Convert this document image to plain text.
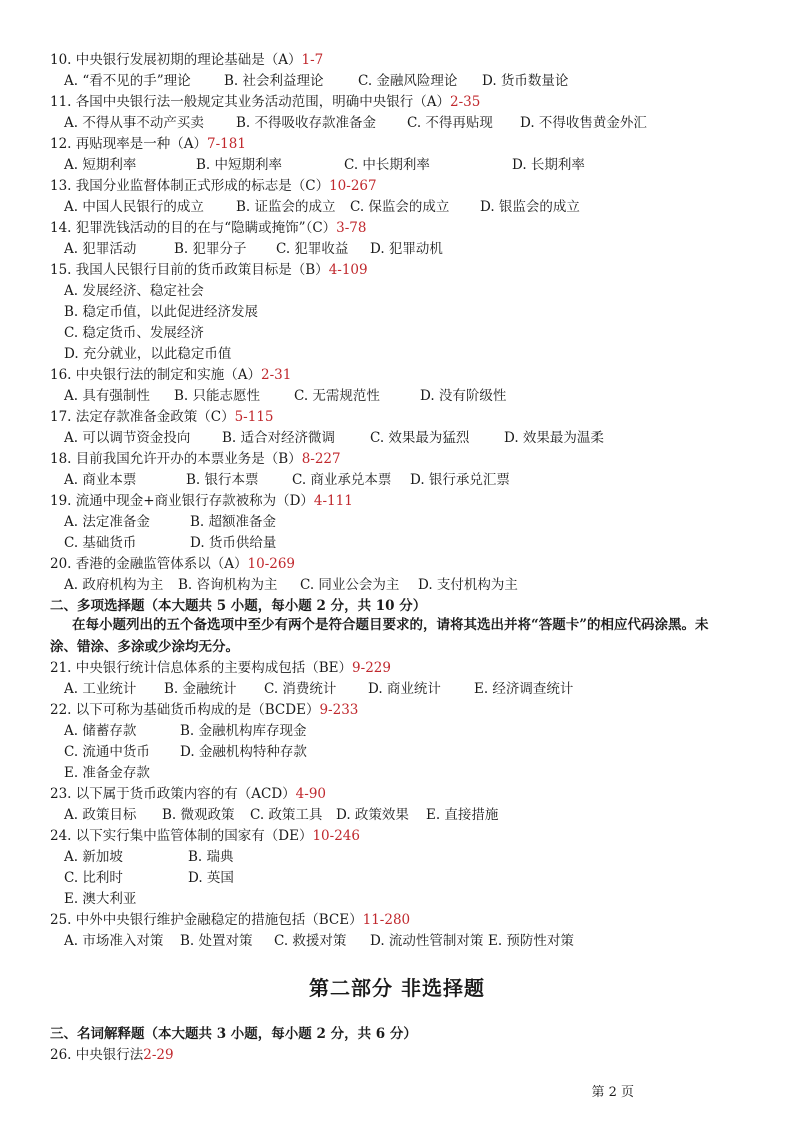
10. 中央银行发展初期的理论基础是（A）1-7
A. “看不见的手”理论 B. 社会利益理论	C. 金融风险理论 D. 货币数量论
11. 各国中央银行法一般规定其业务活动范围，明确中央银行（A）2-35
A. 不得从事不动产买卖 B. 不得吸收存款准备金 C. 不得再贴现 D. 不得收售黄金外汇
12. 再贴现率是一种（A）7-181
A. 短期利率	B. 中短期利率	C. 中长期利率	D. 长期利率
13. 我国分业监督体制正式形成的标志是（C）10-267
A. 中国人民银行的成立 B. 证监会的成立 C. 保监会的成立 D. 银监会的成立
14. 犯罪洗钱活动的目的在与“隐瞒或掩饰”（C）3-78
A. 犯罪活动	B. 犯罪分子 C. 犯罪收益 D. 犯罪动机
15. 我国人民银行目前的货币政策目标是（B）4-109
A. 发展经济、稳定社会
B. 稳定币值，以此促进经济发展
C. 稳定货币、发展经济
D. 充分就业，以此稳定币值
16. 中央银行法的制定和实施（A）2-31
A. 具有强制性 B. 只能志愿性	C. 无需规范性	D. 没有阶级性
17. 法定存款准备金政策（C）5-115
A. 可以调节资金投向 B. 适合对经济微调	C. 效果最为猛烈	D. 效果最为温柔
18. 目前我国允许开办的本票业务是（B）8-227
A. 商业本票	B. 银行本票 C. 商业承兑本票 D. 银行承兑汇票
19. 流通中现金+商业银行存款被称为（D）4-111
A. 法定准备金	B. 超额准备金
C. 基础货币	D. 货币供给量
20. 香港的金融监管体系以（A）10-269
A. 政府机构为主 B. 咨询机构为主 C. 同业公会为主 D. 支付机构为主
二、多项选择题（本大题共 5 小题，每小题 2 分，共 10 分）
在每小题列出的五个备选项中至少有两个是符合题目要求的，请将其选出并将“答题卡”的相应代码涂黑。未
涂、错涂、多涂或少涂均无分。
21. 中央银行统计信息体系的主要构成包括（BE）9-229
A. 工业统计 B. 金融统计 C. 消费统计 D. 商业统计 E. 经济调查统计
22. 以下可称为基础货币构成的是（BCDE）9-233
A. 储蓄存款	B. 金融机构库存现金
C. 流通中货币 D. 金融机构特种存款
E. 准备金存款
23. 以下属于货币政策内容的有（ACD）4-90
A. 政策目标 B. 微观政策 C. 政策工具 D. 政策效果 E. 直接措施
24. 以下实行集中监管体制的国家有（DE）10-246
A. 新加坡	B. 瑞典
C. 比利时	D. 英国
E. 澳大利亚
25. 中外中央银行维护金融稳定的措施包括（BCE）11-280
A. 市场准入对策 B. 处置对策 C. 救援对策 D. 流动性管制对策 E. 预防性对策
第二部分 非选择题
三、名词解释题（本大题共 3 小题，每小题 2 分，共 6 分）
26. 中央银行法2-29
第 2 页
